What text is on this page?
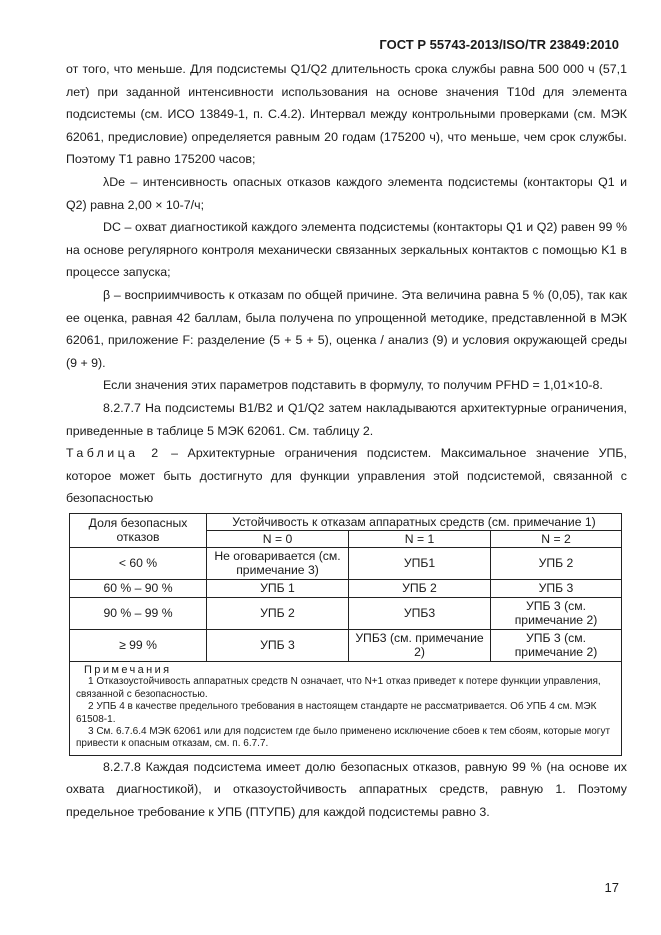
ГОСТ Р 55743-2013/ISO/TR 23849:2010

от того, что меньше. Для подсистемы Q1/Q2 длительность срока службы равна 500 000 ч (57,1 лет) при заданной интенсивности использования на основе значения T10d для элемента подсистемы (см. ИСО 13849-1, п. С.4.2). Интервал между контрольными проверками (см. МЭК 62061, предисловие) определяется равным 20 годам (175200 ч), что меньше, чем срок службы. Поэтому T1 равно 175200 часов;

λDe – интенсивность опасных отказов каждого элемента подсистемы (контакторы Q1 и Q2) равна 2,00 × 10-7/ч;

DC – охват диагностикой каждого элемента подсистемы (контакторы Q1 и Q2) равен 99 % на основе регулярного контроля механически связанных зеркальных контактов с помощью K1 в процессе запуска;

β – восприимчивость к отказам по общей причине. Эта величина равна 5 % (0,05), так как ее оценка, равная 42 баллам, была получена по упрощенной методике, представленной в МЭК 62061, приложение F: разделение (5 + 5 + 5), оценка / анализ (9) и условия окружающей среды (9 + 9).

Если значения этих параметров подставить в формулу, то получим PFHD = 1,01×10-8.

8.2.7.7 На подсистемы B1/B2 и Q1/Q2 затем накладываются архитектурные ограничения, приведенные в таблице 5 МЭК 62061. См. таблицу 2.

Таблица 2 – Архитектурные ограничения подсистем. Максимальное значение УПБ, которое может быть достигнуто для функции управления этой подсистемой, связанной с безопасностью

Доля безопасных отказов	Устойчивость к отказам аппаратных средств (см. примечание 1)		
	N = 0	N = 1	N = 2
< 60 %	Не оговаривается (см. примечание 3)	УПБ1	УПБ 2
60 % – 90 %	УПБ 1	УПБ 2	УПБ 3
90 % – 99 %	УПБ 2	УПБ3	УПБ 3 (см. примечание 2)
≥ 99 %	УПБ 3	УПБ3 (см. примечание 2)	УПБ 3 (см. примечание 2)

Примечания
1 Отказоустойчивость аппаратных средств N означает, что N+1 отказ приведет к потере функции управления, связанной с безопасностью.
2 УПБ 4 в качестве предельного требования в настоящем стандарте не рассматривается. Об УПБ 4 см. МЭК 61508-1.
3 См. 6.7.6.4 МЭК 62061 или для подсистем где было применено исключение сбоев к тем сбоям, которые могут привести к опасным отказам, см. п. 6.7.7.			

8.2.7.8 Каждая подсистема имеет долю безопасных отказов, равную 99 % (на основе их охвата диагностикой), и отказоустойчивость аппаратных средств, равную 1. Поэтому предельное требование к УПБ (ПТУПБ) для каждой подсистемы равно 3.

17
